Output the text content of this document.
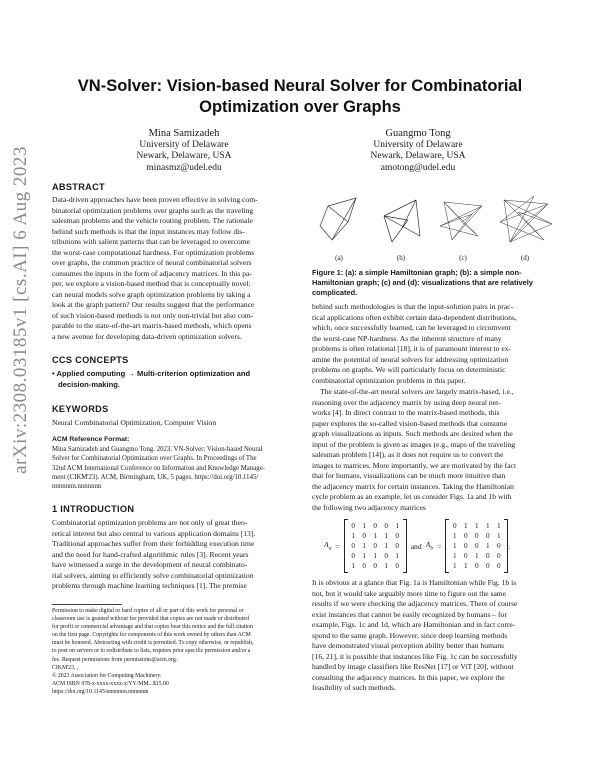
arXiv:2308.03185v1 [cs.AI] 6 Aug 2023
VN-Solver: Vision-based Neural Solver for Combinatorial
Optimization over Graphs
Mina Samizadeh
University of Delaware
Newark, Delaware, USA
minasmz@udel.edu
Guangmo Tong
University of Delaware
Newark, Delaware, USA
amotong@udel.edu
ABSTRACT

Data-driven approaches have been proven effective in solving com-

binatorial optimization problems over graphs such as the traveling

salesman problems and the vehicle routing problem. The rationale

behind such methods is that the input instances may follow dis-

tributions with salient patterns that can be leveraged to overcome

the worst-case computational hardness. For optimization problems

over graphs, the common practice of neural combinatorial solvers

consumes the inputs in the form of adjacency matrices. In this pa-

per, we explore a vision-based method that is conceptually novel:

can neural models solve graph optimization problems by taking a

look at the graph pattern? Our results suggest that the performance

of such vision-based methods is not only non-trivial but also com-

parable to the state-of-the-art matrix-based methods, which opens

a new avenue for developing data-driven optimization solvers.

CCS CONCEPTS

• Applied computing → Multi-criterion optimization and

decision-making.

KEYWORDS
Neural Combinatorial Optimization, Computer Vision
ACM Reference Format:

Mina Samizadeh and Guangmo Tong. 2023. VN-Solver: Vision-based Neural

Solver for Combinatorial Optimization over Graphs. In Proceedings of The

32nd ACM International Conference on Information and Knowledge Manage-

ment (CIKM'23). ACM, Birmingham, UK, 5 pages. https://doi.org/10.1145/

nnnnnnn.nnnnnnn

1 INTRODUCTION

Combinatorial optimization problems are not only of great theo-

retical interest but also central to various application domains [13].

Traditional approaches suffer from their forbidding execution time

and the need for hand-crafted algorithmic rules [3]. Recent years

have witnessed a surge in the development of neural combinato-

rial solvers, aiming to efficiently solve combinatorial optimization

problems through machine learning techniques [1]. The premise

Permission to make digital or hard copies of all or part of this work for personal or

classroom use is granted without fee provided that copies are not made or distributed

for profit or commercial advantage and that copies bear this notice and the full citation

on the first page. Copyrights for components of this work owned by others than ACM

must be honored. Abstracting with credit is permitted. To copy otherwise, or republish,

to post on servers or to redistribute to lists, requires prior specific permission and/or a

fee. Request permissions from permissions@acm.org.

CIKM'23, ,

© 2023 Association for Computing Machinery.

ACM ISBN 978-x-xxxx-xxxx-x/YY/MM...$15.00

https://doi.org/10.1145/nnnnnnn.nnnnnnn

(a)	(b)	(c)	(d)
Figure 1: (a): a simple Hamiltonian graph; (b): a simple non-
Hamiltonian graph; (c) and (d): visualizations that are relatively
complicated.

behind such methodologies is that the input-solution pairs in prac-

tical applications often exhibit certain data-dependent distributions,

which, once successfully learned, can be leveraged to circumvent

the worst-case NP-hardness. As the inherent structure of many

problems is often relational [18], it is of paramount interest to ex-

amine the potential of neural solvers for addressing optimization

problems on graphs. We will particularly focus on deterministic

combinatorial optimization problems in this paper.

The state-of-the-art neural solvers are largely matrix-based, i.e.,

reasoning over the adjacency matrix by using deep neural net-

works [4]. In direct contrast to the matrix-based methods, this

paper explores the so-called vision-based methods that consume

graph visualizations as inputs. Such methods are desired when the

input of the problem is given as images (e.g., maps of the traveling

salesman problem [14]), as it does not require us to convert the

images to matrices. More importantly, we are motivated by the fact

that for humans, visualizations can be much more intuitive than

the adjacency matrix for certain instances. Taking the Hamiltonian

cycle problem as an example, let us consider Figs. 1a and 1b with

the following two adjacency matrices

$A_a$ =
0	1	0	0	1
1	0	1	1	0
0	1	0	1	0
0	1	1	0	1
1	0	0	1	0
and $A_b$ =
0	1	1	1	1
1	0	0	0	1
1	0	0	1	0
1	0	1	0	0
1	1	0	0	0
.

It is obvious at a glance that Fig. 1a is Hamiltonian while Fig. 1b is

not, but it would take arguably more time to figure out the same

results if we were checking the adjacency matrices. There of course

exist instances that cannot be easily recognized by humans – for

example, Figs. 1c and 1d, which are Hamiltonian and in fact corre-

spond to the same graph. However, since deep learning methods

have demonstrated visual perception ability better than humans

[16, 21], it is possible that instances like Fig. 1c can be successfully

handled by image classifiers like ResNet [17] or ViT [20], without

consulting the adjacency matrices. In this paper, we explore the

feasibility of such methods.
